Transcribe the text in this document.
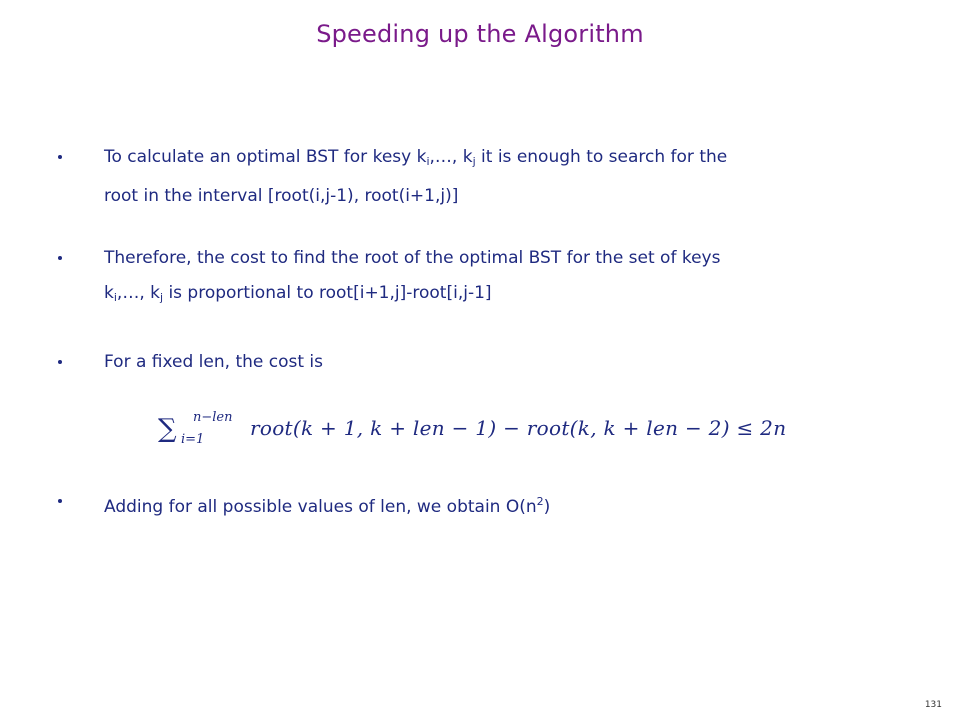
Speeding up the Algorithm
To calculate an optimal BST for kesy $k_i,\dots$, $k_j$ it is enough to search for the
root in the interval [root(i,j-1), root(i+1,j)]
Therefore, the cost to find the root of the optimal BST for the set of keys
$k_i,\dots$, $k_j$ is proportional to root[i+1,j]-root[i,j-1]
For a fixed len, the cost is
∑ n−len
i=1 root(k + 1, k + len − 1) − root(k, k + len − 2) ≤ 2n
Adding for all possible values of len, we obtain $O(n^2)$
131
